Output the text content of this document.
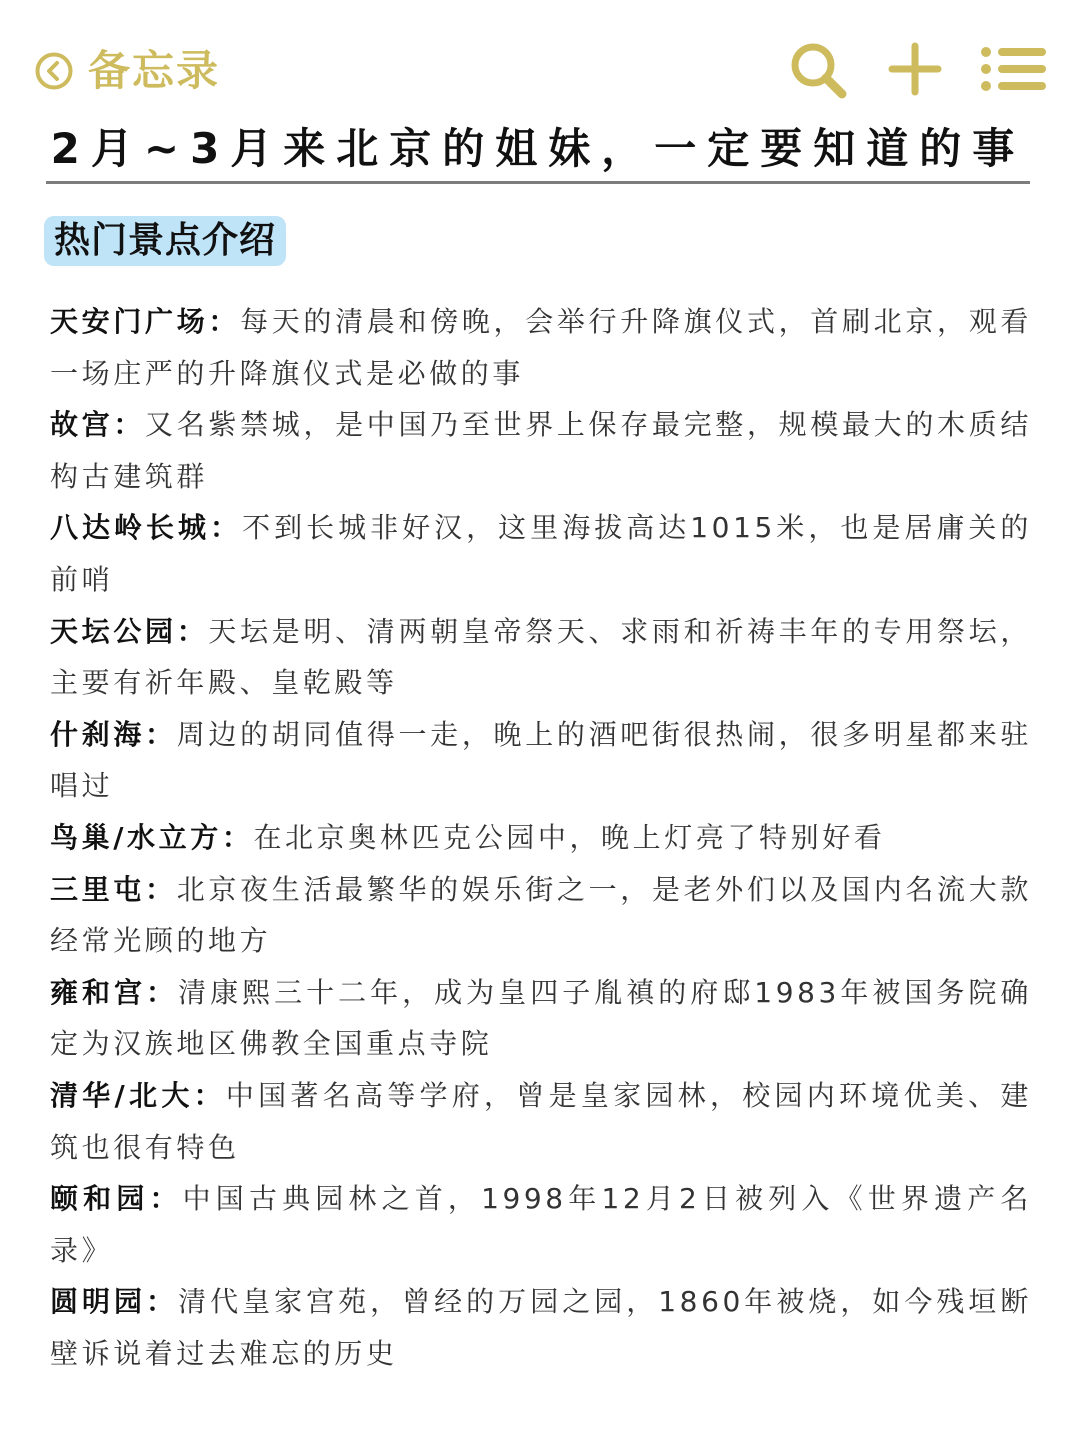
备忘录
2月~3月来北京的姐妹，一定要知道的事
热门景点介绍
天安门广场：每天的清晨和傍晚，会举行升降旗仪式，首刷北京，观看一场庄严的升降旗仪式是必做的事
故宫：又名紫禁城，是中国乃至世界上保存最完整，规模最大的木质结构古建筑群
八达岭长城：不到长城非好汉，这里海拔高达1015米，也是居庸关的前哨
天坛公园：天坛是明、清两朝皇帝祭天、求雨和祈祷丰年的专用祭坛，主要有祈年殿、皇乾殿等
什刹海：周边的胡同值得一走，晚上的酒吧街很热闹，很多明星都来驻唱过
鸟巢/水立方：在北京奥林匹克公园中，晚上灯亮了特别好看
三里屯：北京夜生活最繁华的娱乐街之一，是老外们以及国内名流大款经常光顾的地方
雍和宫：清康熙三十二年，成为皇四子胤禛的府邸1983年被国务院确定为汉族地区佛教全国重点寺院
清华/北大：中国著名高等学府，曾是皇家园林，校园内环境优美、建筑也很有特色
颐和园：中国古典园林之首，1998年12月2日被列入《世界遗产名录》
圆明园：清代皇家宫苑，曾经的万园之园，1860年被烧，如今残垣断壁诉说着过去难忘的历史
